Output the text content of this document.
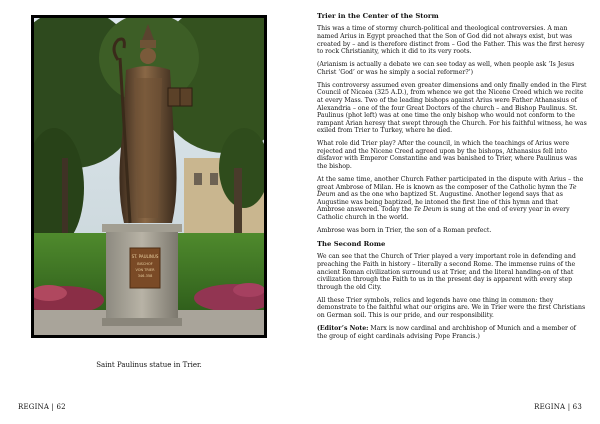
ST. PAULINUS
BISCHOF
VON TRIER
346-358
Saint Paulinus statue in Trier.
REGINA | 62
Trier in the Center of the Storm

This was a time of stormy church-political and theological controversies. A man named Arius in Egypt preached that the Son of God did not always exist, but was created by – and is therefore distinct from – God the Father. This was the first heresy to rock Christianity, which it did to its very roots.

(Arianism is actually a debate we can see today as well, when people ask ‘Is Jesus Christ ‘God’ or was he simply a social reformer?’)

This controversy assumed even greater dimensions and only finally ended in the First Council of Nicaea (325 A.D.), from whence we get the Nicene Creed which we recite at every Mass. Two of the leading bishops against Arius were Father Athanasius of Alexandria – one of the four Great Doctors of the church – and Bishop Paulinus. St. Paulinus (phot left) was at one time the only bishop who would not conform to the rampant Arian heresy that swept through the Church. For his faithful witness, he was exiled from Trier to Turkey, where he died.

What role did Trier play? After the council, in which the teachings of Arius were rejected and the Nicene Creed agreed upon by the bishops, Athanasius fell into disfavor with Emperor Constantine and was banished to Trier, where Paulinus was the bishop.

At the same time, another Church Father participated in the dispute with Arius – the great Ambrose of Milan. He is known as the composer of the Catholic hymn the Te Deum and as the one who baptized St. Augustine. Another legend says that as Augustine was being baptized, he intoned the first line of this hymn and that Ambrose answered. Today the Te Deum is sung at the end of every year in every Catholic church in the world.

Ambrose was born in Trier, the son of a Roman prefect.

The Second Rome

We can see that the Church of Trier played a very important role in defending and preaching the Faith in history – literally a second Rome. The immense ruins of the ancient Roman civilization surround us at Trier, and the literal handing-on of that civilization through the Faith to us in the present day is apparent with every step through the old City.

All these Trier symbols, relics and legends have one thing in common: they demonstrate to the faithful what our origins are. We in Trier were the first Christians on German soil. This is our pride, and our responsibility.

(Editor’s Note: Marx is now cardinal and archbishop of Munich and a member of the group of eight cardinals advising Pope Francis.)

REGINA | 63
